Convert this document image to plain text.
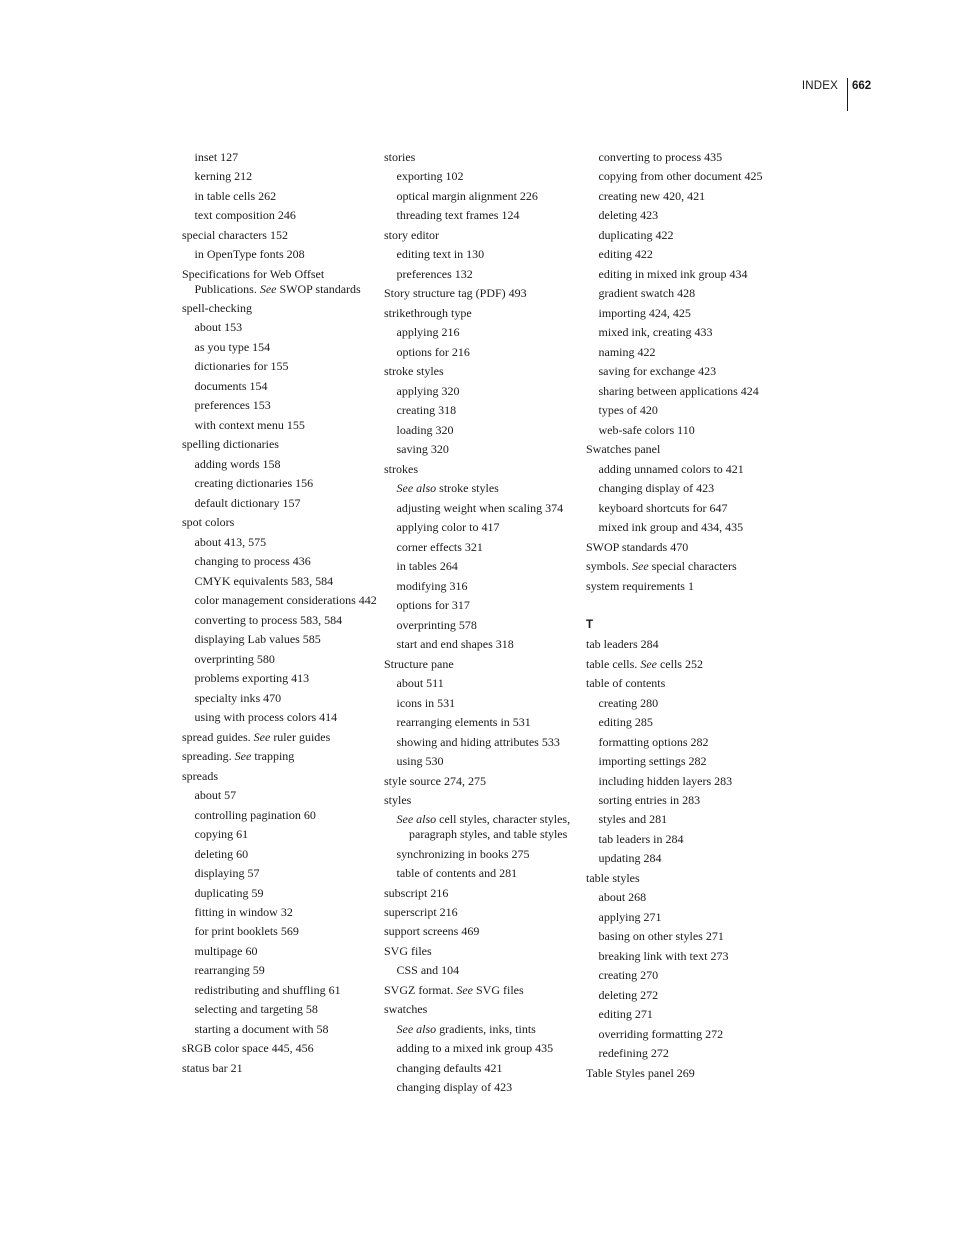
INDEX 662
inset 127
kerning 212
in table cells 262
text composition 246
special characters 152
in OpenType fonts 208
Specifications for Web Offset Publications. See SWOP standards
spell-checking
about 153
as you type 154
dictionaries for 155
documents 154
preferences 153
with context menu 155
spelling dictionaries
adding words 158
creating dictionaries 156
default dictionary 157
spot colors
about 413, 575
changing to process 436
CMYK equivalents 583, 584
color management considerations 442
converting to process 583, 584
displaying Lab values 585
overprinting 580
problems exporting 413
specialty inks 470
using with process colors 414
spread guides. See ruler guides
spreading. See trapping
spreads
about 57
controlling pagination 60
copying 61
deleting 60
displaying 57
duplicating 59
fitting in window 32
for print booklets 569
multipage 60
rearranging 59
redistributing and shuffling 61
selecting and targeting 58
starting a document with 58
sRGB color space 445, 456
status bar 21
stories
exporting 102
optical margin alignment 226
threading text frames 124
story editor
editing text in 130
preferences 132
Story structure tag (PDF) 493
strikethrough type
applying 216
options for 216
stroke styles
applying 320
creating 318
loading 320
saving 320
strokes
See also stroke styles
adjusting weight when scaling 374
applying color to 417
corner effects 321
in tables 264
modifying 316
options for 317
overprinting 578
start and end shapes 318
Structure pane
about 511
icons in 531
rearranging elements in 531
showing and hiding attributes 533
using 530
style source 274, 275
styles
See also cell styles, character styles, paragraph styles, and table styles
synchronizing in books 275
table of contents and 281
subscript 216
superscript 216
support screens 469
SVG files
CSS and 104
SVGZ format. See SVG files
swatches
See also gradients, inks, tints
adding to a mixed ink group 435
changing defaults 421
changing display of 423
converting to process 435
copying from other document 425
creating new 420, 421
deleting 423
duplicating 422
editing 422
editing in mixed ink group 434
gradient swatch 428
importing 424, 425
mixed ink, creating 433
naming 422
saving for exchange 423
sharing between applications 424
types of 420
web-safe colors 110
Swatches panel
adding unnamed colors to 421
changing display of 423
keyboard shortcuts for 647
mixed ink group and 434, 435
SWOP standards 470
symbols. See special characters
system requirements 1
T
tab leaders 284
table cells. See cells 252
table of contents
creating 280
editing 285
formatting options 282
importing settings 282
including hidden layers 283
sorting entries in 283
styles and 281
tab leaders in 284
updating 284
table styles
about 268
applying 271
basing on other styles 271
breaking link with text 273
creating 270
deleting 272
editing 271
overriding formatting 272
redefining 272
Table Styles panel 269
